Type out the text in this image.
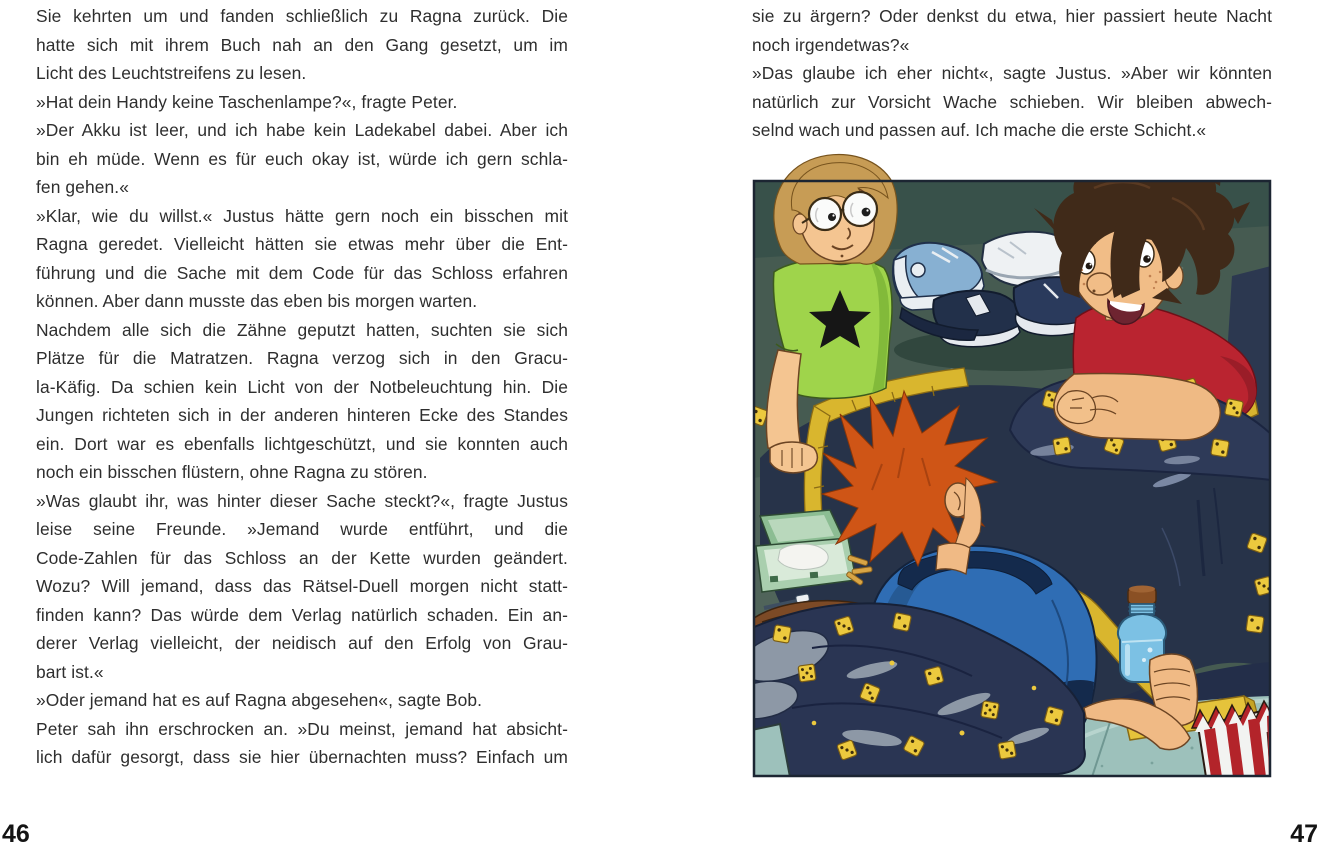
Sie kehrten um und fanden schließlich zu Ragna zurück. Die
hatte sich mit ihrem Buch nah an den Gang gesetzt, um im
Licht des Leuchtstreifens zu lesen.
»Hat dein Handy keine Taschenlampe?«, fragte Peter.
»Der Akku ist leer, und ich habe kein Ladekabel dabei. Aber ich
bin eh müde. Wenn es für euch okay ist, würde ich gern schla-
fen gehen.«
»Klar, wie du willst.« Justus hätte gern noch ein bisschen mit
Ragna geredet. Vielleicht hätten sie etwas mehr über die Ent-
führung und die Sache mit dem Code für das Schloss erfahren
können. Aber dann musste das eben bis morgen warten.
Nachdem alle sich die Zähne geputzt hatten, suchten sie sich
Plätze für die Matratzen. Ragna verzog sich in den Gracu-
la-Käfig. Da schien kein Licht von der Notbeleuchtung hin. Die
Jungen richteten sich in der anderen hinteren Ecke des Standes
ein. Dort war es ebenfalls lichtgeschützt, und sie konnten auch
noch ein bisschen flüstern, ohne Ragna zu stören.
»Was glaubt ihr, was hinter dieser Sache steckt?«, fragte Justus
leise seine Freunde. »Jemand wurde entführt, und die
Code-Zahlen für das Schloss an der Kette wurden geändert.
Wozu? Will jemand, dass das Rätsel-Duell morgen nicht statt-
finden kann? Das würde dem Verlag natürlich schaden. Ein an-
derer Verlag vielleicht, der neidisch auf den Erfolg von Grau-
bart ist.«
»Oder jemand hat es auf Ragna abgesehen«, sagte Bob.
Peter sah ihn erschrocken an. »Du meinst, jemand hat absicht-
lich dafür gesorgt, dass sie hier übernachten muss? Einfach um
sie zu ärgern? Oder denkst du etwa, hier passiert heute Nacht
noch irgendetwas?«
»Das glaube ich eher nicht«, sagte Justus. »Aber wir könnten
natürlich zur Vorsicht Wache schieben. Wir bleiben abwech-
selnd wach und passen auf. Ich mache die erste Schicht.«
46	47
